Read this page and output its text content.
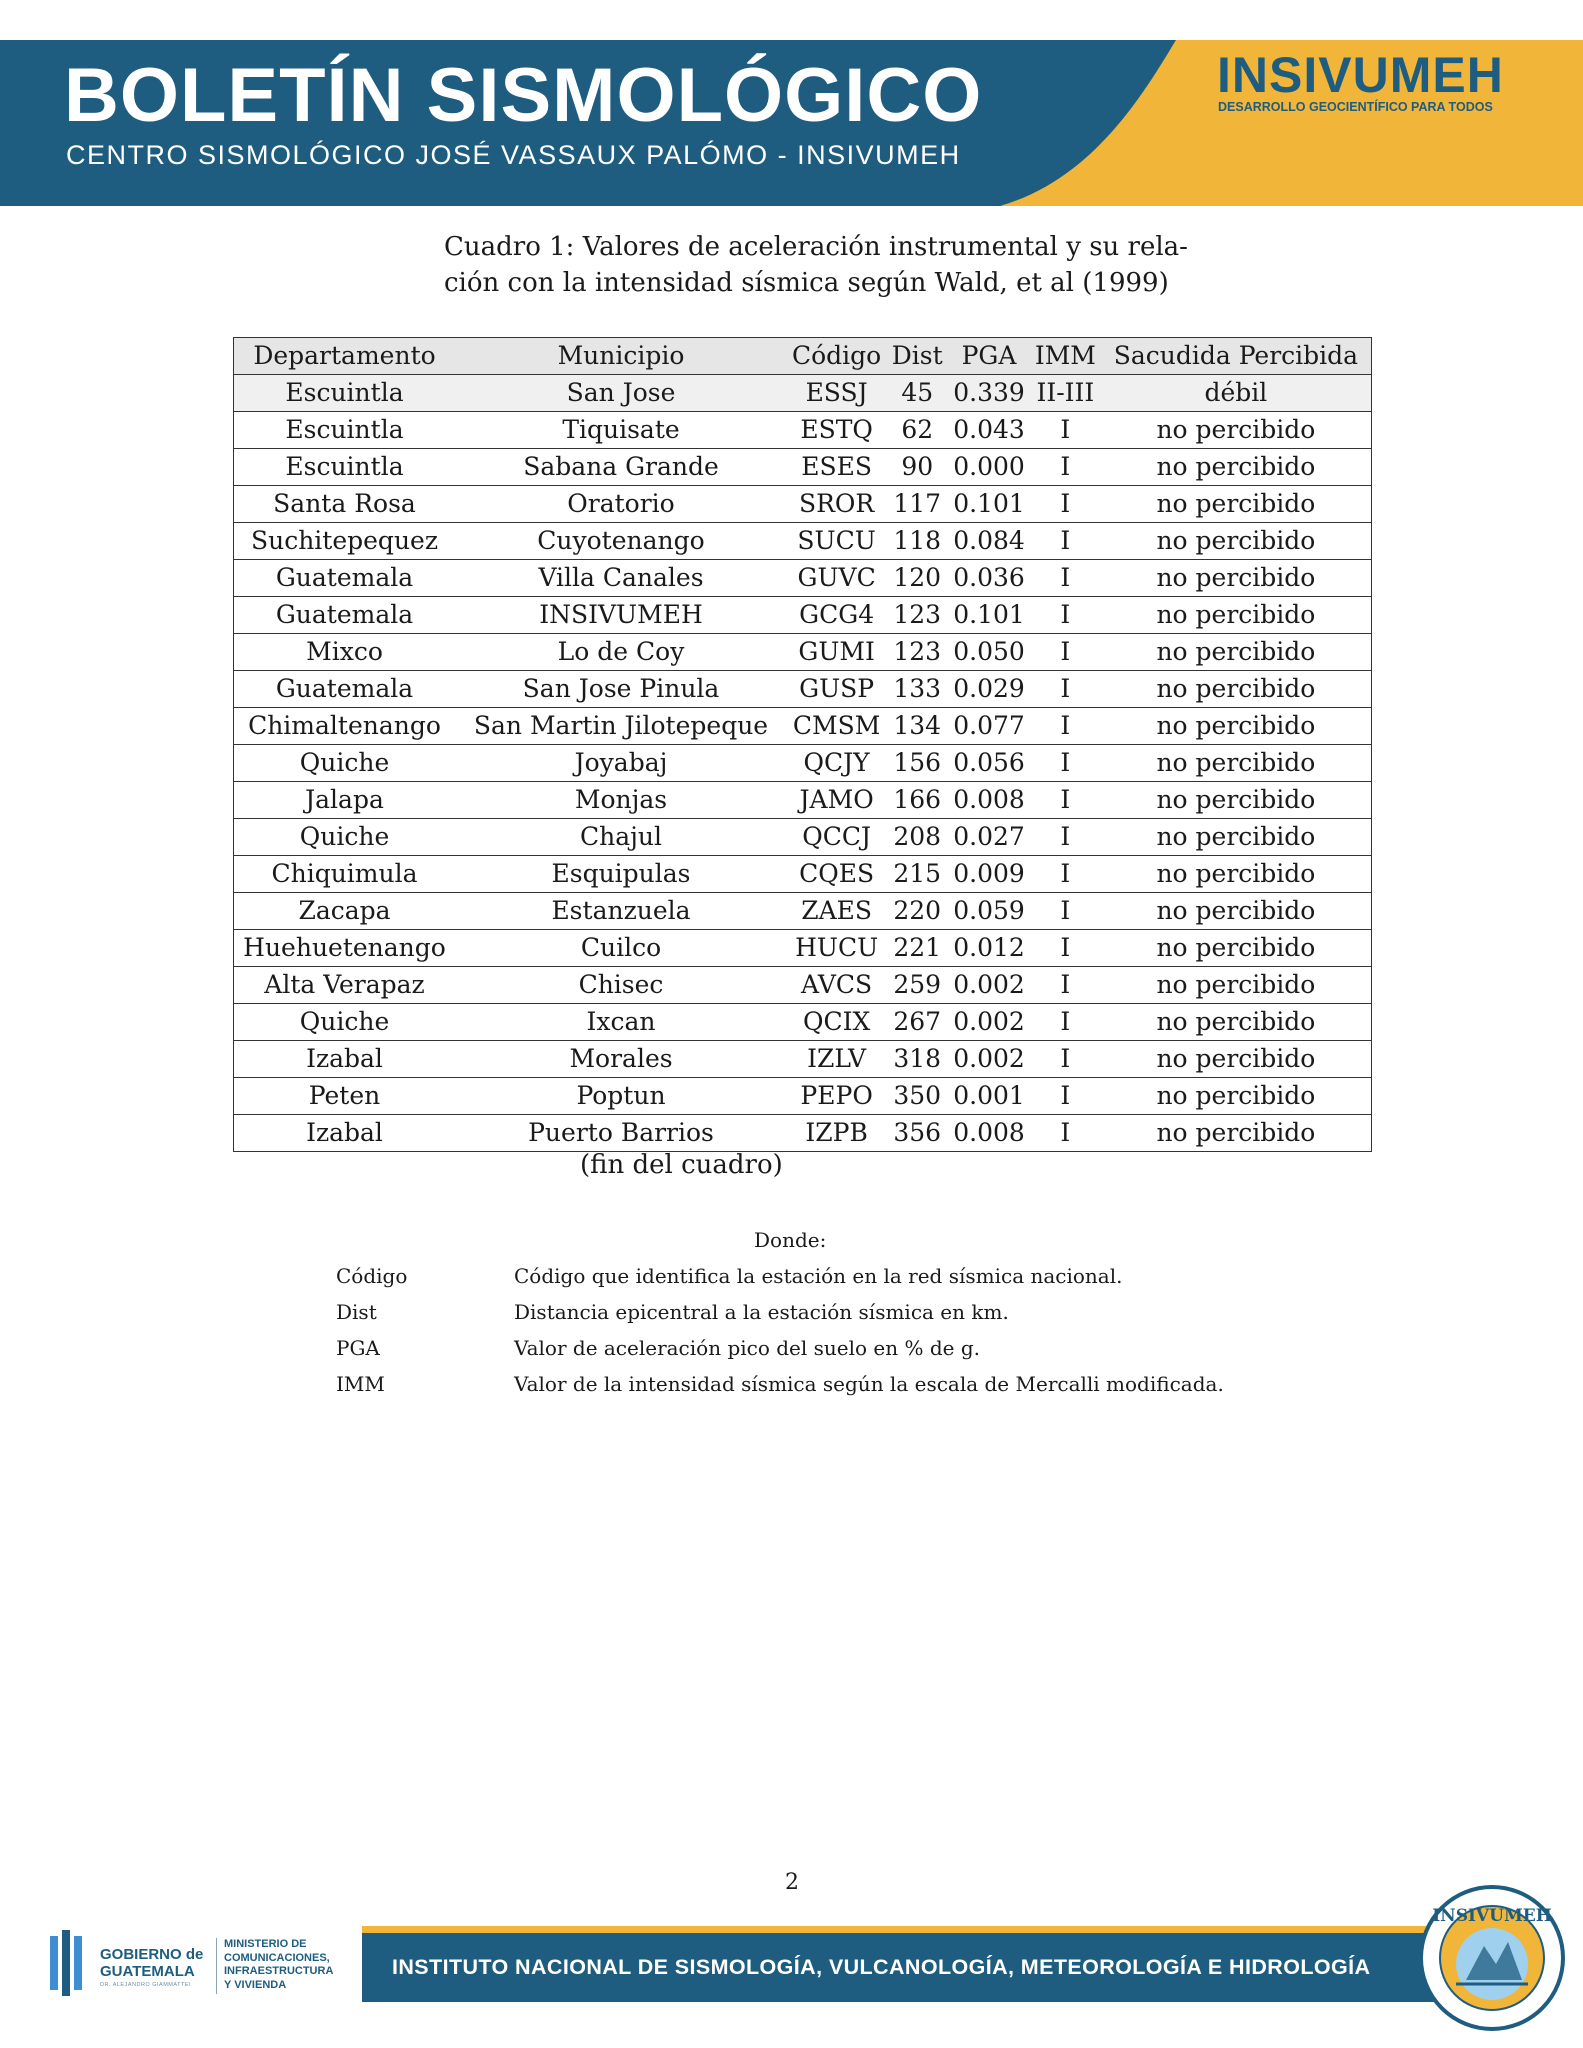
BOLETÍN SISMOLÓGICO
CENTRO SISMOLÓGICO JOSÉ VASSAUX PALÓMO - INSIVUMEH
INSIVUMEH
DESARROLLO GEOCIENTÍFICO PARA TODOS
Cuadro 1: Valores de aceleración instrumental y su rela-
ción con la intensidad sísmica según Wald, et al (1999)
Departamento	Municipio	Código	Dist	PGA	IMM	Sacudida Percibida
Escuintla	San Jose	ESSJ	45	0.339	II-III	débil
Escuintla	Tiquisate	ESTQ	62	0.043	I	no percibido
Escuintla	Sabana Grande	ESES	90	0.000	I	no percibido
Santa Rosa	Oratorio	SROR	117	0.101	I	no percibido
Suchitepequez	Cuyotenango	SUCU	118	0.084	I	no percibido
Guatemala	Villa Canales	GUVC	120	0.036	I	no percibido
Guatemala	INSIVUMEH	GCG4	123	0.101	I	no percibido
Mixco	Lo de Coy	GUMI	123	0.050	I	no percibido
Guatemala	San Jose Pinula	GUSP	133	0.029	I	no percibido
Chimaltenango	San Martin Jilotepeque	CMSM	134	0.077	I	no percibido
Quiche	Joyabaj	QCJY	156	0.056	I	no percibido
Jalapa	Monjas	JAMO	166	0.008	I	no percibido
Quiche	Chajul	QCCJ	208	0.027	I	no percibido
Chiquimula	Esquipulas	CQES	215	0.009	I	no percibido
Zacapa	Estanzuela	ZAES	220	0.059	I	no percibido
Huehuetenango	Cuilco	HUCU	221	0.012	I	no percibido
Alta Verapaz	Chisec	AVCS	259	0.002	I	no percibido
Quiche	Ixcan	QCIX	267	0.002	I	no percibido
Izabal	Morales	IZLV	318	0.002	I	no percibido
Peten	Poptun	PEPO	350	0.001	I	no percibido
Izabal	Puerto Barrios	IZPB	356	0.008	I	no percibido
(fin del cuadro)
Donde:
Código	Código que identifica la estación en la red sísmica nacional.
Dist	Distancia epicentral a la estación sísmica en km.
PGA	Valor de aceleración pico del suelo en % de g.
IMM	Valor de la intensidad sísmica según la escala de Mercalli modificada.
2
GOBIERNO de
GUATEMALA
DR. ALEJANDRO GIAMMATTEI
MINISTERIO DE
COMUNICACIONES,
INFRAESTRUCTURA
Y VIVIENDA
INSTITUTO NACIONAL DE SISMOLOGÍA, VULCANOLOGÍA, METEOROLOGÍA E HIDROLOGÍA
INSIVUMEH
